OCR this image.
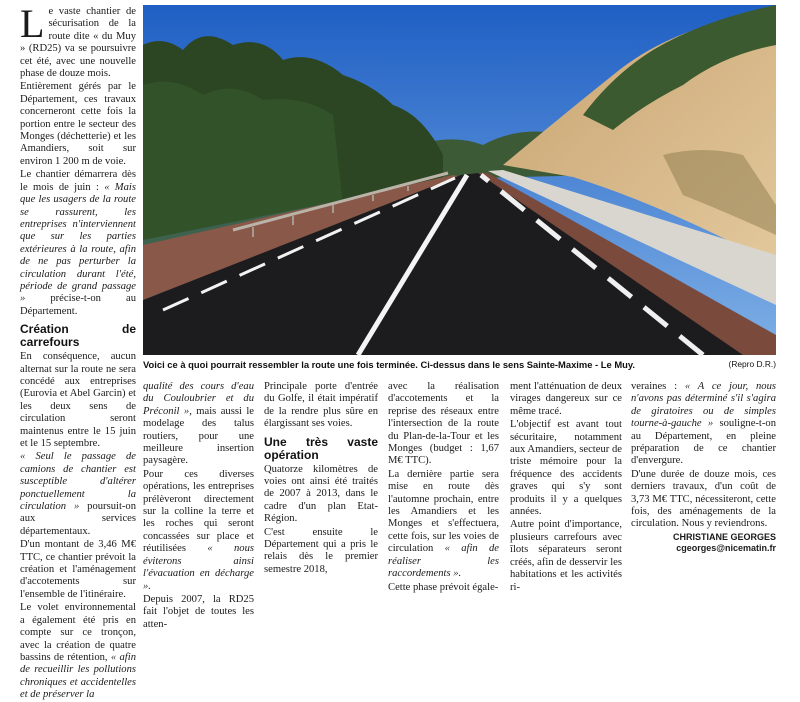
Le vaste chantier de sécurisation de la route dite « du Muy » (RD25) va se poursuivre cet été, avec une nouvelle phase de douze mois.

Entièrement gérés par le Département, ces travaux concerneront cette fois la portion entre le secteur des Monges (déchetterie) et les Amandiers, soit sur environ 1 200 m de voie.

Le chantier démarrera dès le mois de juin : « Mais que les usagers de la route se rassurent, les entreprises n'interviennent que sur les parties extérieures à la route, afin de ne pas perturber la circulation durant l'été, période de grand passage » précise-t-on au Département.

Création de carrefours

En conséquence, aucun alternat sur la route ne sera concédé aux entreprises (Eurovia et Abel Garcin) et les deux sens de circulation seront maintenus entre le 15 juin et le 15 septembre.

« Seul le passage de camions de chantier est susceptible d'altérer ponctuellement la circulation » poursuit-on aux services départementaux.

D'un montant de 3,46 M€ TTC, ce chantier prévoit la création et l'aménagement d'accotements sur l'ensemble de l'itinéraire.

Le volet environnemental a également été pris en compte sur ce tronçon, avec la création de quatre bassins de rétention, « afin de recueillir les pollutions chroniques et accidentelles et de préserver la

Voici ce à quoi pourrait ressembler la route une fois terminée. Ci-dessus dans le sens Sainte-Maxime - Le Muy.	(Repro D.R.)

qualité des cours d'eau du Couloubrier et du Préconil », mais aussi le modelage des talus routiers, pour une meilleure insertion paysagère.

Pour ces diverses opérations, les entreprises prélèveront directement sur la colline la terre et les roches qui seront concassées sur place et réutilisées « nous éviterons ainsi l'évacuation en décharge ».

Depuis 2007, la RD25 fait l'objet de toutes les atten-

Principale porte d'entrée du Golfe, il était impératif de la rendre plus sûre en élargissant ses voies.

Une très vaste opération

Quatorze kilomètres de voies ont ainsi été traités de 2007 à 2013, dans le cadre d'un plan Etat-Région.

C'est ensuite le Département qui a pris le relais dès le premier semestre 2018,

avec la réalisation d'accotements et la reprise des réseaux entre l'intersection de la route du Plan-de-la-Tour et les Monges (budget : 1,67 M€ TTC).

La dernière partie sera mise en route dès l'automne prochain, entre les Amandiers et les Monges et s'effectuera, cette fois, sur les voies de circulation « afin de réaliser les raccordements ».

Cette phase prévoit égale-

ment l'atténuation de deux virages dangereux sur ce même tracé.

L'objectif est avant tout sécuritaire, notamment aux Amandiers, secteur de triste mémoire pour la fréquence des accidents graves qui s'y sont produits il y a quelques années.

Autre point d'importance, plusieurs carrefours avec îlots séparateurs seront créés, afin de desservir les habitations et les activités ri-

veraines : « A ce jour, nous n'avons pas déterminé s'il s'agira de giratoires ou de simples tourne-à-gauche » souligne-t-on au Département, en pleine préparation de ce chantier d'envergure.

D'une durée de douze mois, ces derniers travaux, d'un coût de 3,73 M€ TTC, nécessiteront, cette fois, des aménagements de la circulation. Nous y reviendrons.

CHRISTIANE GEORGES
cgeorges@nicematin.fr
